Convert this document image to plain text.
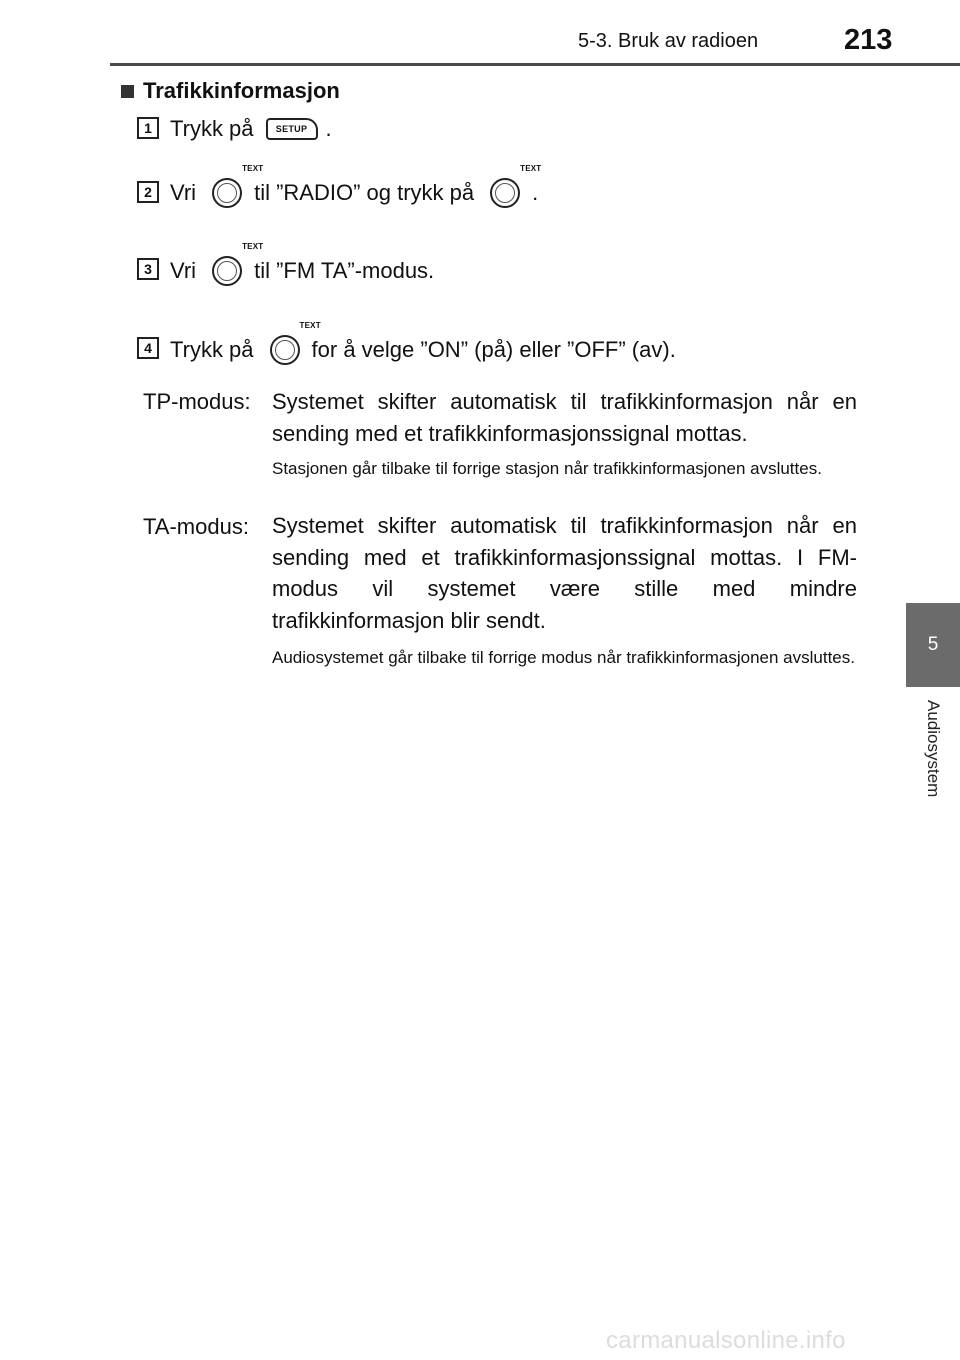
5-3. Bruk av radioen	213
5
Audiosystem
Trafikkinformasjon
1 Trykk på SETUP .
2 Vri
TEXT
til ”RADIO” og trykk på
TEXT
.
3 Vri
TEXT
til ”FM TA”-modus.
4 Trykk på
TEXT
for å velge ”ON” (på) eller ”OFF” (av).
TP-modus: Systemet skifter automatisk til trafikkinformasjon når en sending med et trafikkinformasjonssignal mottas.
Stasjonen går tilbake til forrige stasjon når trafikkinformasjonen avsluttes.
TA-modus: Systemet skifter automatisk til trafikkinformasjon når en sending med et trafikkinformasjonssignal mottas. I FM-modus vil systemet være stille med mindre trafikkinformasjon blir sendt.
Audiosystemet går tilbake til forrige modus når trafikkinformasjonen avsluttes.
carmanualsonline.info
